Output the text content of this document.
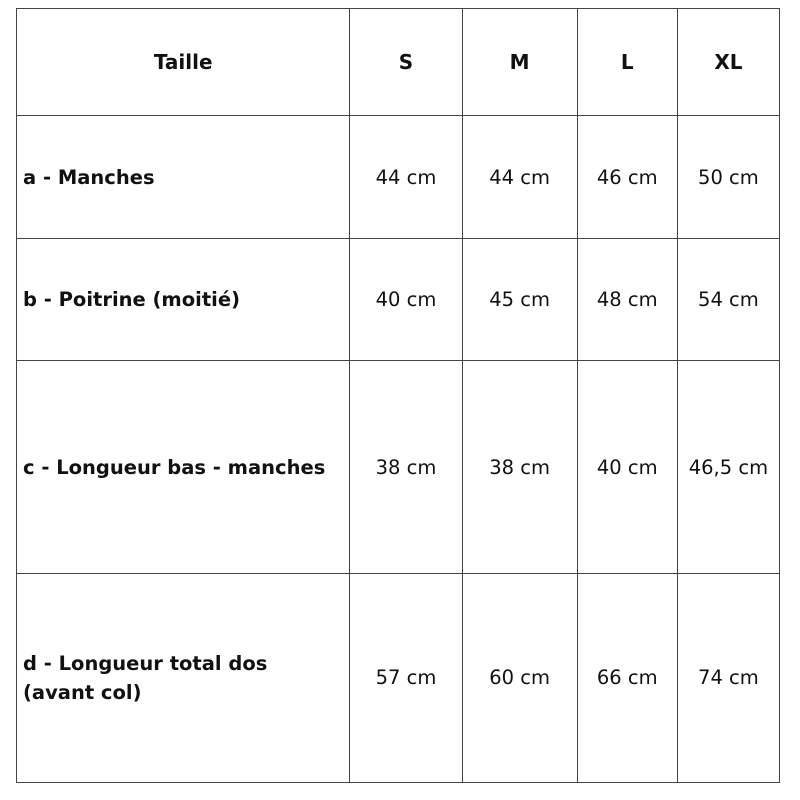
Taille	S	M	L	XL
a - Manches	44 cm	44 cm	46 cm	50 cm
b - Poitrine (moitié)	40 cm	45 cm	48 cm	54 cm
c - Longueur bas - manches	38 cm	38 cm	40 cm	46,5 cm
d - Longueur total dos
(avant col)	57 cm	60 cm	66 cm	74 cm
